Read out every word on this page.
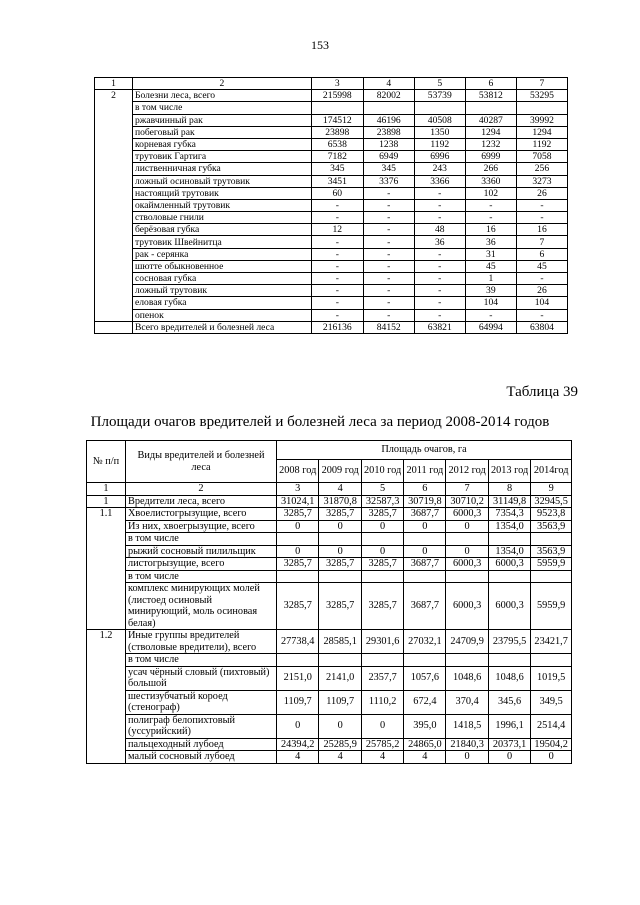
153
1	2	3	4	5	6	7
2	Болезни леса, всего	215998	82002	53739	53812	53295
	в том числе					
	ржавчинный рак	174512	46196	40508	40287	39992
	побеговый рак	23898	23898	1350	1294	1294
	корневая губка	6538	1238	1192	1232	1192
	трутовик Гартига	7182	6949	6996	6999	7058
	лиственничная губка	345	345	243	266	256
	ложный осиновый трутовик	3451	3376	3366	3360	3273
	настоящий трутовик	60	-	-	102	26
	окаймленный трутовик	-	-	-	-	-
	стволовые гнили	-	-	-	-	-
	берёзовая губка	12	-	48	16	16
	трутовик Швейнитца	-	-	36	36	7
	рак - серянка	-	-	-	31	6
	шютте обыкновенное	-	-	-	45	45
	сосновая губка	-	-	-	1	-
	ложный трутовик	-	-	-	39	26
	еловая губка	-	-	-	104	104
	опенок	-	-	-	-	-
	Всего вредителей и болезней леса	216136	84152	63821	64994	63804
Таблица 39
Площади очагов вредителей и болезней леса за период 2008-2014 годов
№ п/п	Виды вредителей и болезней леса	Площадь очагов, га						
		2008 год	2009 год	2010 год	2011 год	2012 год	2013 год	2014год
1	2	3	4	5	6	7	8	9
1	Вредители леса, всего	31024,1	31870,8	32587,3	30719,8	30710,2	31149,8	32945,5
1.1	Хвоелистогрызущие, всего	3285,7	3285,7	3285,7	3687,7	6000,3	7354,3	9523,8
	Из них, хвоегрызущие, всего	0	0	0	0	0	1354,0	3563,9
	в том числе							
	рыжий сосновый пилильщик	0	0	0	0	0	1354,0	3563,9
	листогрызущие, всего	3285,7	3285,7	3285,7	3687,7	6000,3	6000,3	5959,9
	в том числе							
	комплекс минирующих молей (листоед осиновый минирующий, моль осиновая белая)	3285,7	3285,7	3285,7	3687,7	6000,3	6000,3	5959,9
1.2	Иные группы вредителей (стволовые вредители), всего	27738,4	28585,1	29301,6	27032,1	24709,9	23795,5	23421,7
	в том числе							
	усач чёрный словый (пихтовый) большой	2151,0	2141,0	2357,7	1057,6	1048,6	1048,6	1019,5
	шестизубчатый короед (стенограф)	1109,7	1109,7	1110,2	672,4	370,4	345,6	349,5
	полиграф белопихтовый (уссурийский)	0	0	0	395,0	1418,5	1996,1	2514,4
	пальцеходный лубоед	24394,2	25285,9	25785,2	24865,0	21840,3	20373,1	19504,2
	малый сосновый лубоед	4	4	4	4	0	0	0
